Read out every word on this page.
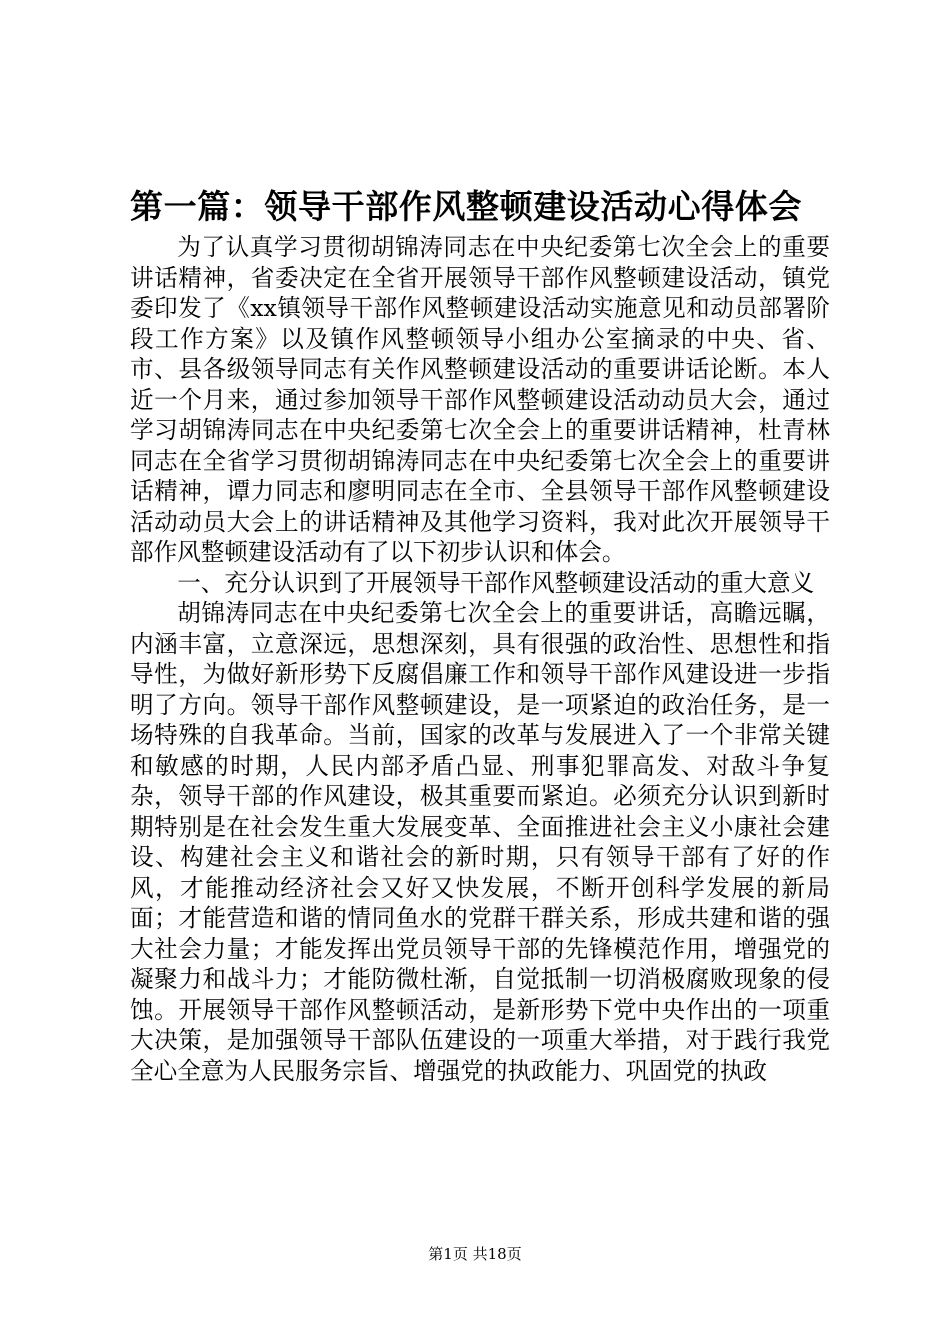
第一篇：领导干部作风整顿建设活动心得体会

为了认真学习贯彻胡锦涛同志在中央纪委第七次全会上的重要讲话精神，省委决定在全省开展领导干部作风整顿建设活动，镇党委印发了《xx镇领导干部作风整顿建设活动实施意见和动员部署阶段工作方案》以及镇作风整顿领导小组办公室摘录的中央、省、市、县各级领导同志有关作风整顿建设活动的重要讲话论断。本人近一个月来，通过参加领导干部作风整顿建设活动动员大会，通过学习胡锦涛同志在中央纪委第七次全会上的重要讲话精神，杜青林同志在全省学习贯彻胡锦涛同志在中央纪委第七次全会上的重要讲话精神，谭力同志和廖明同志在全市、全县领导干部作风整顿建设活动动员大会上的讲话精神及其他学习资料，我对此次开展领导干部作风整顿建设活动有了以下初步认识和体会。

一、充分认识到了开展领导干部作风整顿建设活动的重大意义

胡锦涛同志在中央纪委第七次全会上的重要讲话，高瞻远瞩，内涵丰富，立意深远，思想深刻，具有很强的政治性、思想性和指导性，为做好新形势下反腐倡廉工作和领导干部作风建设进一步指明了方向。领导干部作风整顿建设，是一项紧迫的政治任务，是一场特殊的自我革命。当前，国家的改革与发展进入了一个非常关键和敏感的时期，人民内部矛盾凸显、刑事犯罪高发、对敌斗争复杂，领导干部的作风建设，极其重要而紧迫。必须充分认识到新时期特别是在社会发生重大发展变革、全面推进社会主义小康社会建设、构建社会主义和谐社会的新时期，只有领导干部有了好的作风，才能推动经济社会又好又快发展，不断开创科学发展的新局面；才能营造和谐的情同鱼水的党群干群关系，形成共建和谐的强大社会力量；才能发挥出党员领导干部的先锋模范作用，增强党的凝聚力和战斗力；才能防微杜渐，自觉抵制一切消极腐败现象的侵蚀。开展领导干部作风整顿活动，是新形势下党中央作出的一项重大决策，是加强领导干部队伍建设的一项重大举措，对于践行我党全心全意为人民服务宗旨、增强党的执政能力、巩固党的执政

第1页 共18页
